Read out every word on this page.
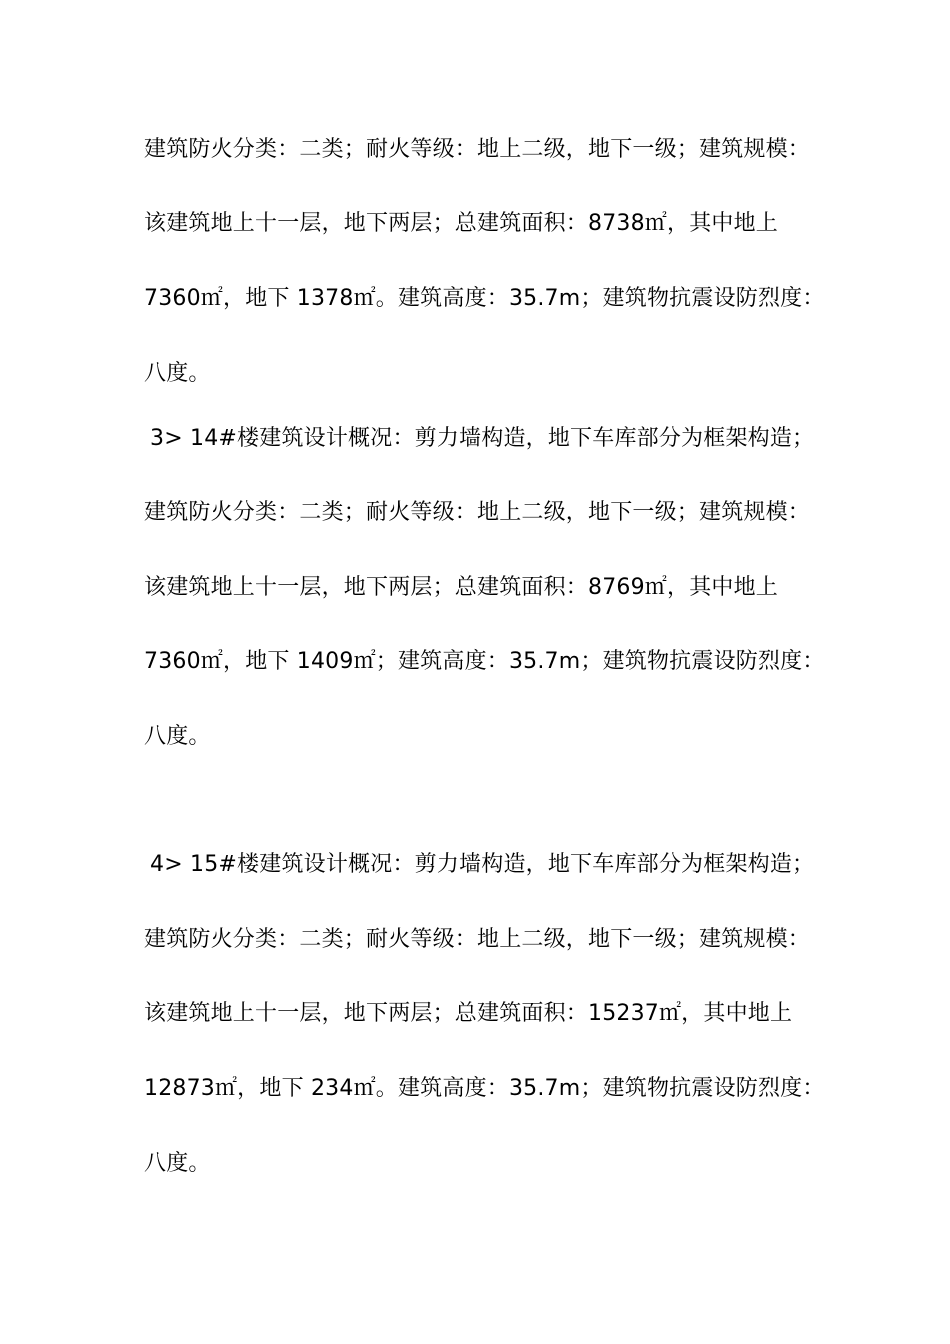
建筑防火分类：二类；耐火等级：地上二级，地下一级；建筑规模：
该建筑地上十一层，地下两层；总建筑面积：8738㎡，其中地上
7360㎡，地下 1378㎡。建筑高度：35.7m；建筑物抗震设防烈度：
八度。
3> 14#楼建筑设计概况：剪力墙构造，地下车库部分为框架构造；
建筑防火分类：二类；耐火等级：地上二级，地下一级；建筑规模：
该建筑地上十一层，地下两层；总建筑面积：8769㎡，其中地上
7360㎡，地下 1409㎡；建筑高度：35.7m；建筑物抗震设防烈度：
八度。
4> 15#楼建筑设计概况：剪力墙构造，地下车库部分为框架构造；
建筑防火分类：二类；耐火等级：地上二级，地下一级；建筑规模：
该建筑地上十一层，地下两层；总建筑面积：15237㎡，其中地上
12873㎡，地下 234㎡。建筑高度：35.7m；建筑物抗震设防烈度：
八度。
